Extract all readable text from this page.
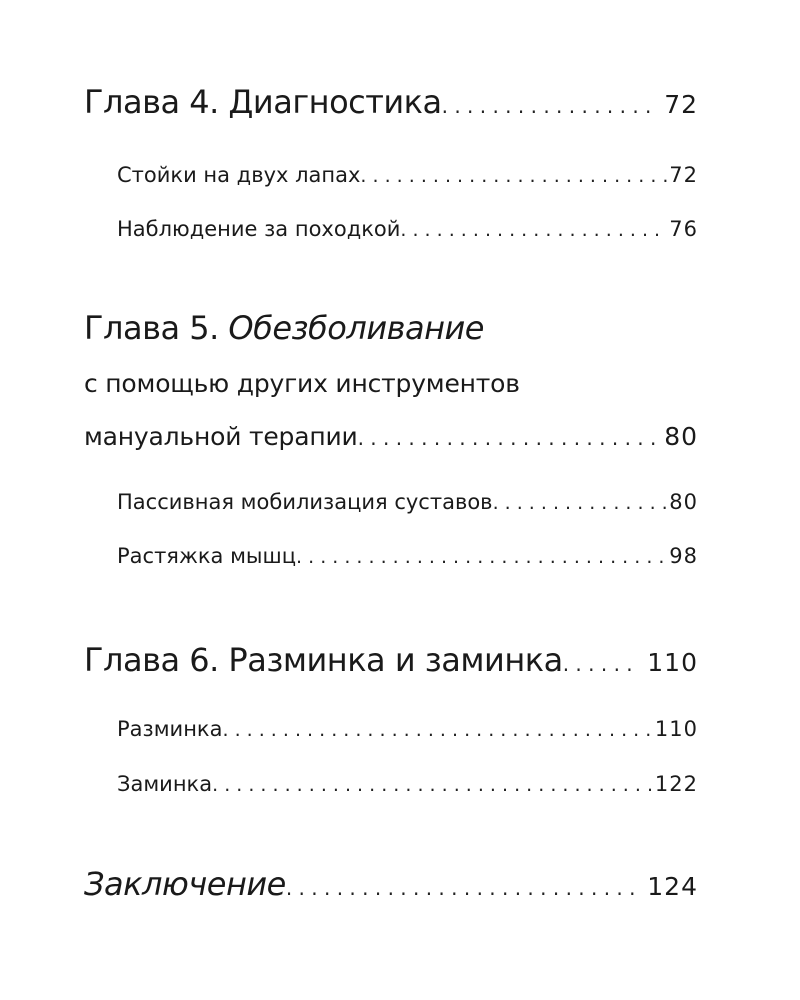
Глава 4. Диагностика . . .	72
Стойки на двух лапах . . .	72
Наблюдение за походкой . . .	76
Глава 5. Обезболивание
с помощью других инструментов
мануальной терапии . . .	80
Пассивная мобилизация суставов . . .	80
Растяжка мышц . . .	98
Глава 6. Разминка и заминка . . .	110
Разминка . . .	110
Заминка . . .	122
Заключение . . .	124
